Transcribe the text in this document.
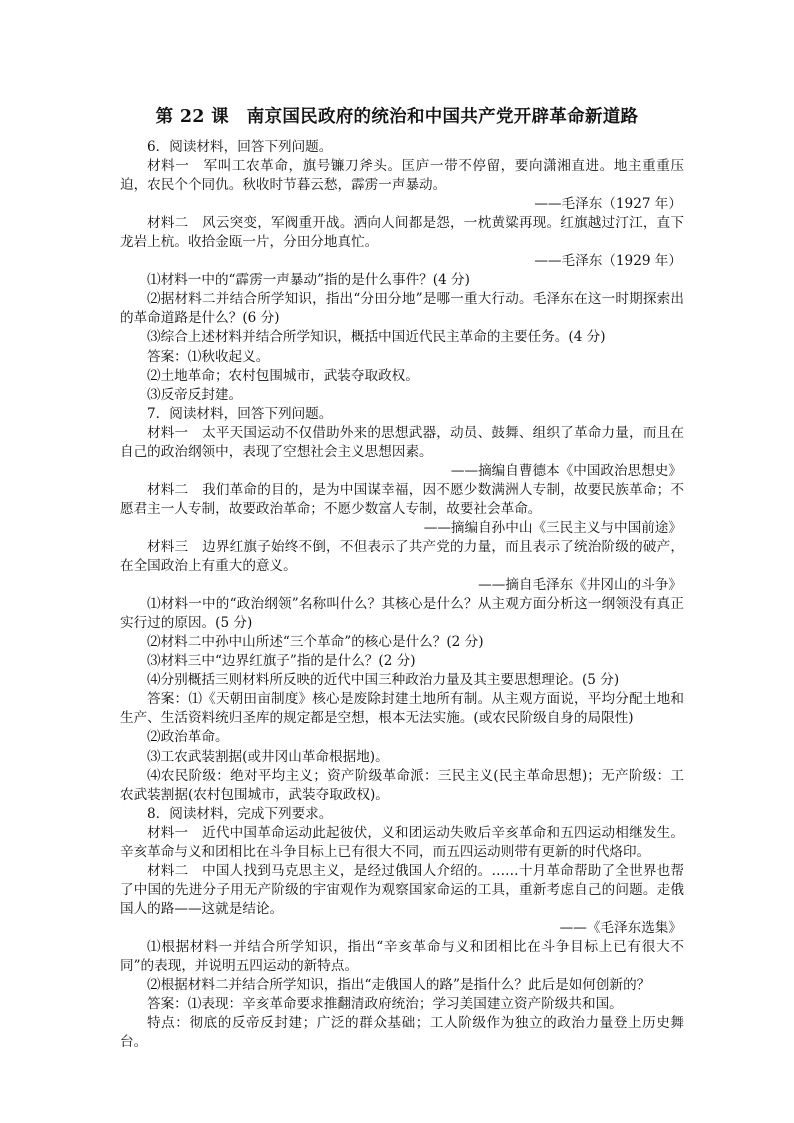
第 22 课　南京国民政府的统治和中国共产党开辟革命新道路

6．阅读材料，回答下列问题。

材料一　军叫工农革命，旗号镰刀斧头。匡庐一带不停留，要向潇湘直进。地主重重压迫，农民个个同仇。秋收时节暮云愁，霹雳一声暴动。

——毛泽东（1927 年）

材料二　风云突变，军阀重开战。洒向人间都是怨，一枕黄粱再现。红旗越过汀江，直下龙岩上杭。收拾金瓯一片，分田分地真忙。

——毛泽东（1929 年）

⑴材料一中的“霹雳一声暴动”指的是什么事件？(4 分)

⑵据材料二并结合所学知识，指出“分田分地”是哪一重大行动。毛泽东在这一时期探索出的革命道路是什么？(6 分)

⑶综合上述材料并结合所学知识，概括中国近代民主革命的主要任务。(4 分)

答案：⑴秋收起义。

⑵土地革命；农村包围城市，武装夺取政权。

⑶反帝反封建。

7．阅读材料，回答下列问题。

材料一　太平天国运动不仅借助外来的思想武器，动员、鼓舞、组织了革命力量，而且在自己的政治纲领中，表现了空想社会主义思想因素。

——摘编自曹德本《中国政治思想史》

材料二　我们革命的目的，是为中国谋幸福，因不愿少数满洲人专制，故要民族革命；不愿君主一人专制，故要政治革命；不愿少数富人专制，故要社会革命。

——摘编自孙中山《三民主义与中国前途》

材料三　边界红旗子始终不倒，不但表示了共产党的力量，而且表示了统治阶级的破产，在全国政治上有重大的意义。

——摘自毛泽东《井冈山的斗争》

⑴材料一中的“政治纲领”名称叫什么？其核心是什么？从主观方面分析这一纲领没有真正实行过的原因。(5 分)

⑵材料二中孙中山所述“三个革命”的核心是什么？(2 分)

⑶材料三中“边界红旗子”指的是什么？(2 分)

⑷分别概括三则材料所反映的近代中国三种政治力量及其主要思想理论。(5 分)

答案：⑴《天朝田亩制度》核心是废除封建土地所有制。从主观方面说，平均分配土地和生产、生活资料统归圣库的规定都是空想，根本无法实施。(或农民阶级自身的局限性)

⑵政治革命。

⑶工农武装割据(或井冈山革命根据地)。

⑷农民阶级：绝对平均主义；资产阶级革命派：三民主义(民主革命思想)；无产阶级：工农武装割据(农村包围城市，武装夺取政权)。

8．阅读材料，完成下列要求。

材料一　近代中国革命运动此起彼伏，义和团运动失败后辛亥革命和五四运动相继发生。辛亥革命与义和团相比在斗争目标上已有很大不同，而五四运动则带有更新的时代烙印。

材料二　中国人找到马克思主义，是经过俄国人介绍的。……十月革命帮助了全世界也帮了中国的先进分子用无产阶级的宇宙观作为观察国家命运的工具，重新考虑自己的问题。走俄国人的路——这就是结论。

——《毛泽东选集》

⑴根据材料一并结合所学知识，指出“辛亥革命与义和团相比在斗争目标上已有很大不同”的表现，并说明五四运动的新特点。

⑵根据材料二并结合所学知识，指出“走俄国人的路”是指什么？此后是如何创新的？

答案：⑴表现：辛亥革命要求推翻清政府统治；学习美国建立资产阶级共和国。

特点：彻底的反帝反封建；广泛的群众基础；工人阶级作为独立的政治力量登上历史舞台。
